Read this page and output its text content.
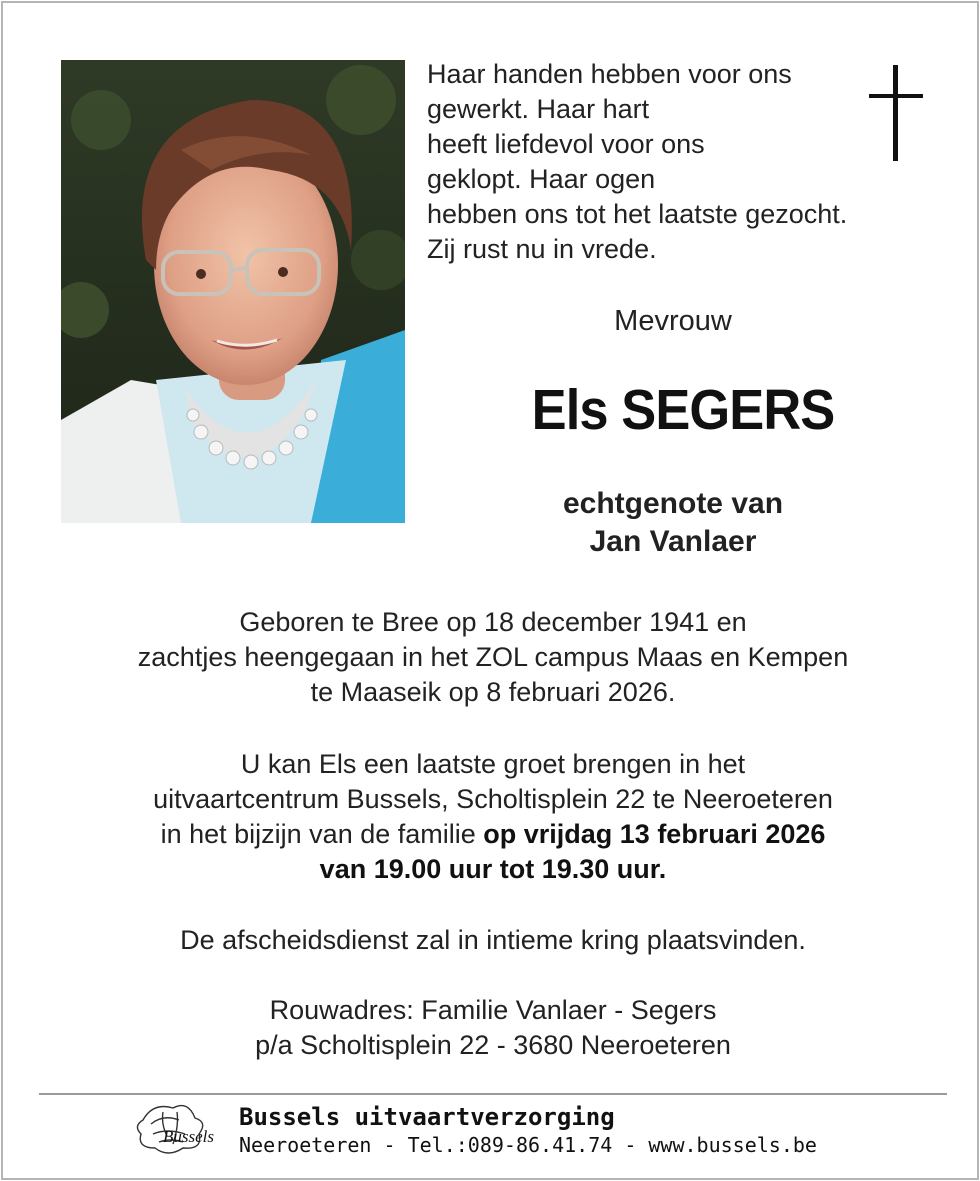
Haar handen hebben voor ons
gewerkt. Haar hart
heeft liefdevol voor ons
geklopt. Haar ogen
hebben ons tot het laatste gezocht.
Zij rust nu in vrede.
Mevrouw
Els SEGERS
echtgenote van
Jan Vanlaer
Geboren te Bree op 18 december 1941 en
zachtjes heengegaan in het ZOL campus Maas en Kempen
te Maaseik op 8 februari 2026.
U kan Els een laatste groet brengen in het
uitvaartcentrum Bussels, Scholtisplein 22 te Neeroeteren
in het bijzijn van de familie op vrijdag 13 februari 2026
van 19.00 uur tot 19.30 uur.
De afscheidsdienst zal in intieme kring plaatsvinden.
Rouwadres: Familie Vanlaer - Segers
p/a Scholtisplein 22 - 3680 Neeroeteren
Bussels
Bussels uitvaartverzorging
Neeroeteren - Tel.:089-86.41.74 - www.bussels.be
